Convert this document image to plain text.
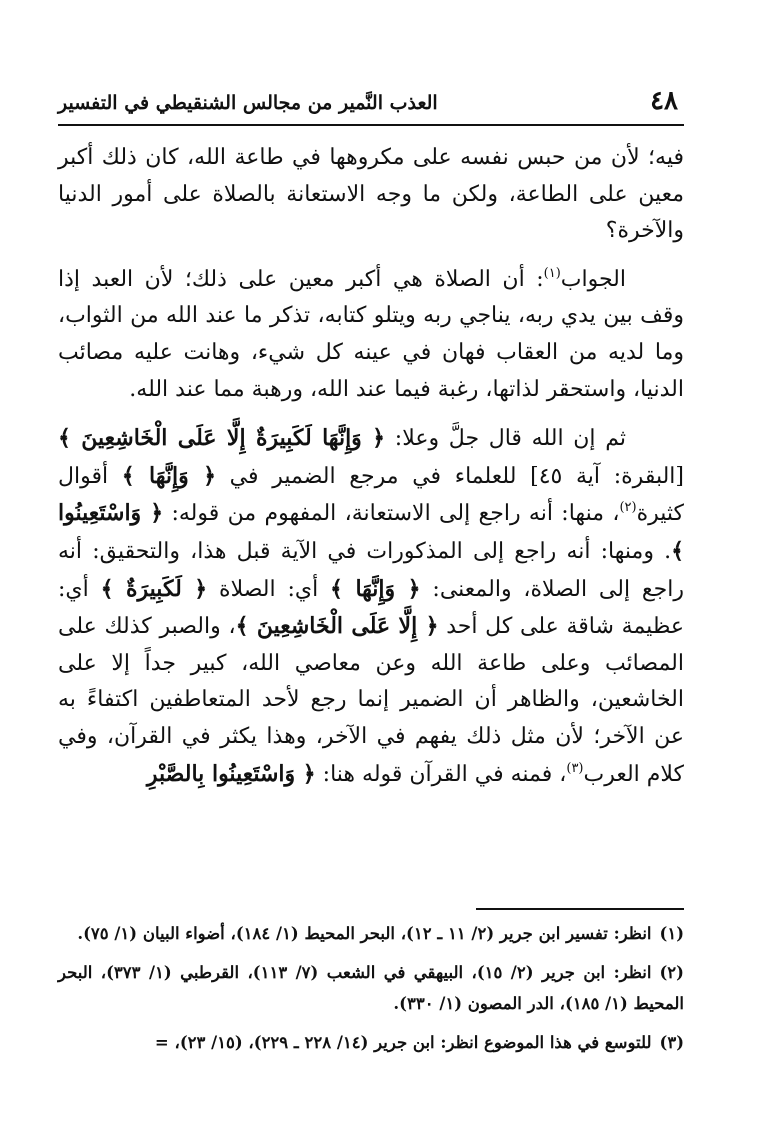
٤٨
العذب النَّمير من مجالس الشنقيطي في التفسير

فيه؛ لأن من حبس نفسه على مكروهها في طاعة الله، كان ذلك أكبر معين على الطاعة، ولكن ما وجه الاستعانة بالصلاة على أمور الدنيا والآخرة؟

الجواب$^{(١)}$: أن الصلاة هي أكبر معين على ذلك؛ لأن العبد إذا وقف بين يدي ربه، يناجي ربه ويتلو كتابه، تذكر ما عند الله من الثواب، وما لديه من العقاب فهان في عينه كل شيء، وهانت عليه مصائب الدنيا، واستحقر لذاتها، رغبة فيما عند الله، ورهبة مما عند الله.

ثم إن الله قال جلَّ وعلا: ﴿ وَإِنَّهَا لَكَبِيرَةٌ إِلَّا عَلَى الْخَاشِعِينَ ﴾ [البقرة: آية ٤٥] للعلماء في مرجع الضمير في ﴿ وَإِنَّهَا ﴾ أقوال كثيرة$^{(٢)}$، منها: أنه راجع إلى الاستعانة، المفهوم من قوله: ﴿ وَاسْتَعِينُوا ﴾. ومنها: أنه راجع إلى المذكورات في الآية قبل هذا، والتحقيق: أنه راجع إلى الصلاة، والمعنى: ﴿ وَإِنَّهَا ﴾ أي: الصلاة ﴿ لَكَبِيرَةٌ ﴾ أي: عظيمة شاقة على كل أحد ﴿ إِلَّا عَلَى الْخَاشِعِينَ ﴾، والصبر كذلك على المصائب وعلى طاعة الله وعن معاصي الله، كبير جداً إلا على الخاشعين، والظاهر أن الضمير إنما رجع لأحد المتعاطفين اكتفاءً به عن الآخر؛ لأن مثل ذلك يفهم في الآخر، وهذا يكثر في القرآن، وفي كلام العرب$^{(٣)}$، فمنه في القرآن قوله هنا: ﴿ وَاسْتَعِينُوا بِالصَّبْرِ

(١)انظر: تفسير ابن جرير (٢/ ١١ ـ ١٢)، البحر المحيط (١/ ١٨٤)، أضواء البيان (١/ ٧٥).

(٢)انظر: ابن جرير (٢/ ١٥)، البيهقي في الشعب (٧/ ١١٣)، القرطبي (١/ ٣٧٣)، البحر المحيط (١/ ١٨٥)، الدر المصون (١/ ٣٣٠).

(٣)للتوسع في هذا الموضوع انظر: ابن جرير (١٤/ ٢٢٨ ـ ٢٢٩)، (١٥/ ٢٣)، =
